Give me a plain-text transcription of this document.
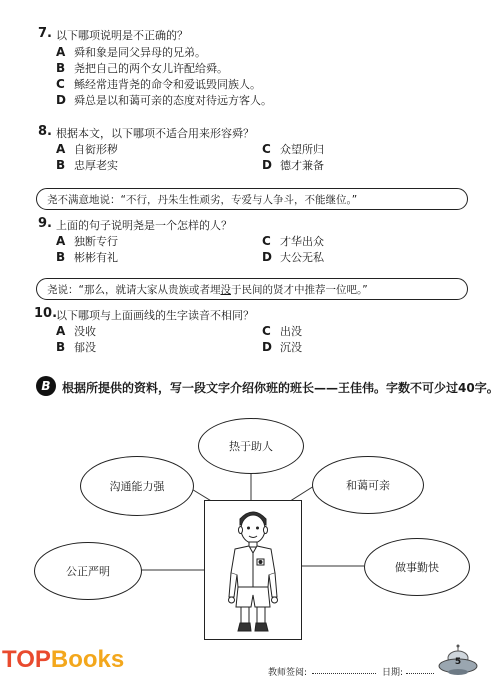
7. 以下哪项说明是不正确的？
A 舜和象是同父异母的兄弟。
B 尧把自己的两个女儿许配给舜。
C 鲧经常违背尧的命令和爱诋毁同族人。
D 舜总是以和蔼可亲的态度对待远方客人。
8. 根据本文，以下哪项不适合用来形容舜？
A 自衒形秽
B 忠厚老实
C 众望所归
D 德才兼备
尧不满意地说：“不行，丹朱生性顽劣，专爱与人争斗，不能继位。”
9. 上面的句子说明尧是一个怎样的人？
A 独断专行
B 彬彬有礼
C 才华出众
D 大公无私
尧说：“那么，就请大家从贵族或者埋没于民间的贤才中推荐一位吧。”
10.
以下哪项与上面画线的生字读音不相同？
A 没收
B 郁没
C 出没
D 沉没
B 根据所提供的资料，写一段文字介绍你班的班长——王佳伟。字数不可少过40字。
热于助人
沟通能力强	和蔼可亲
公正严明	做事勤快
教师签阅:	日期:
5
TOPBooks
